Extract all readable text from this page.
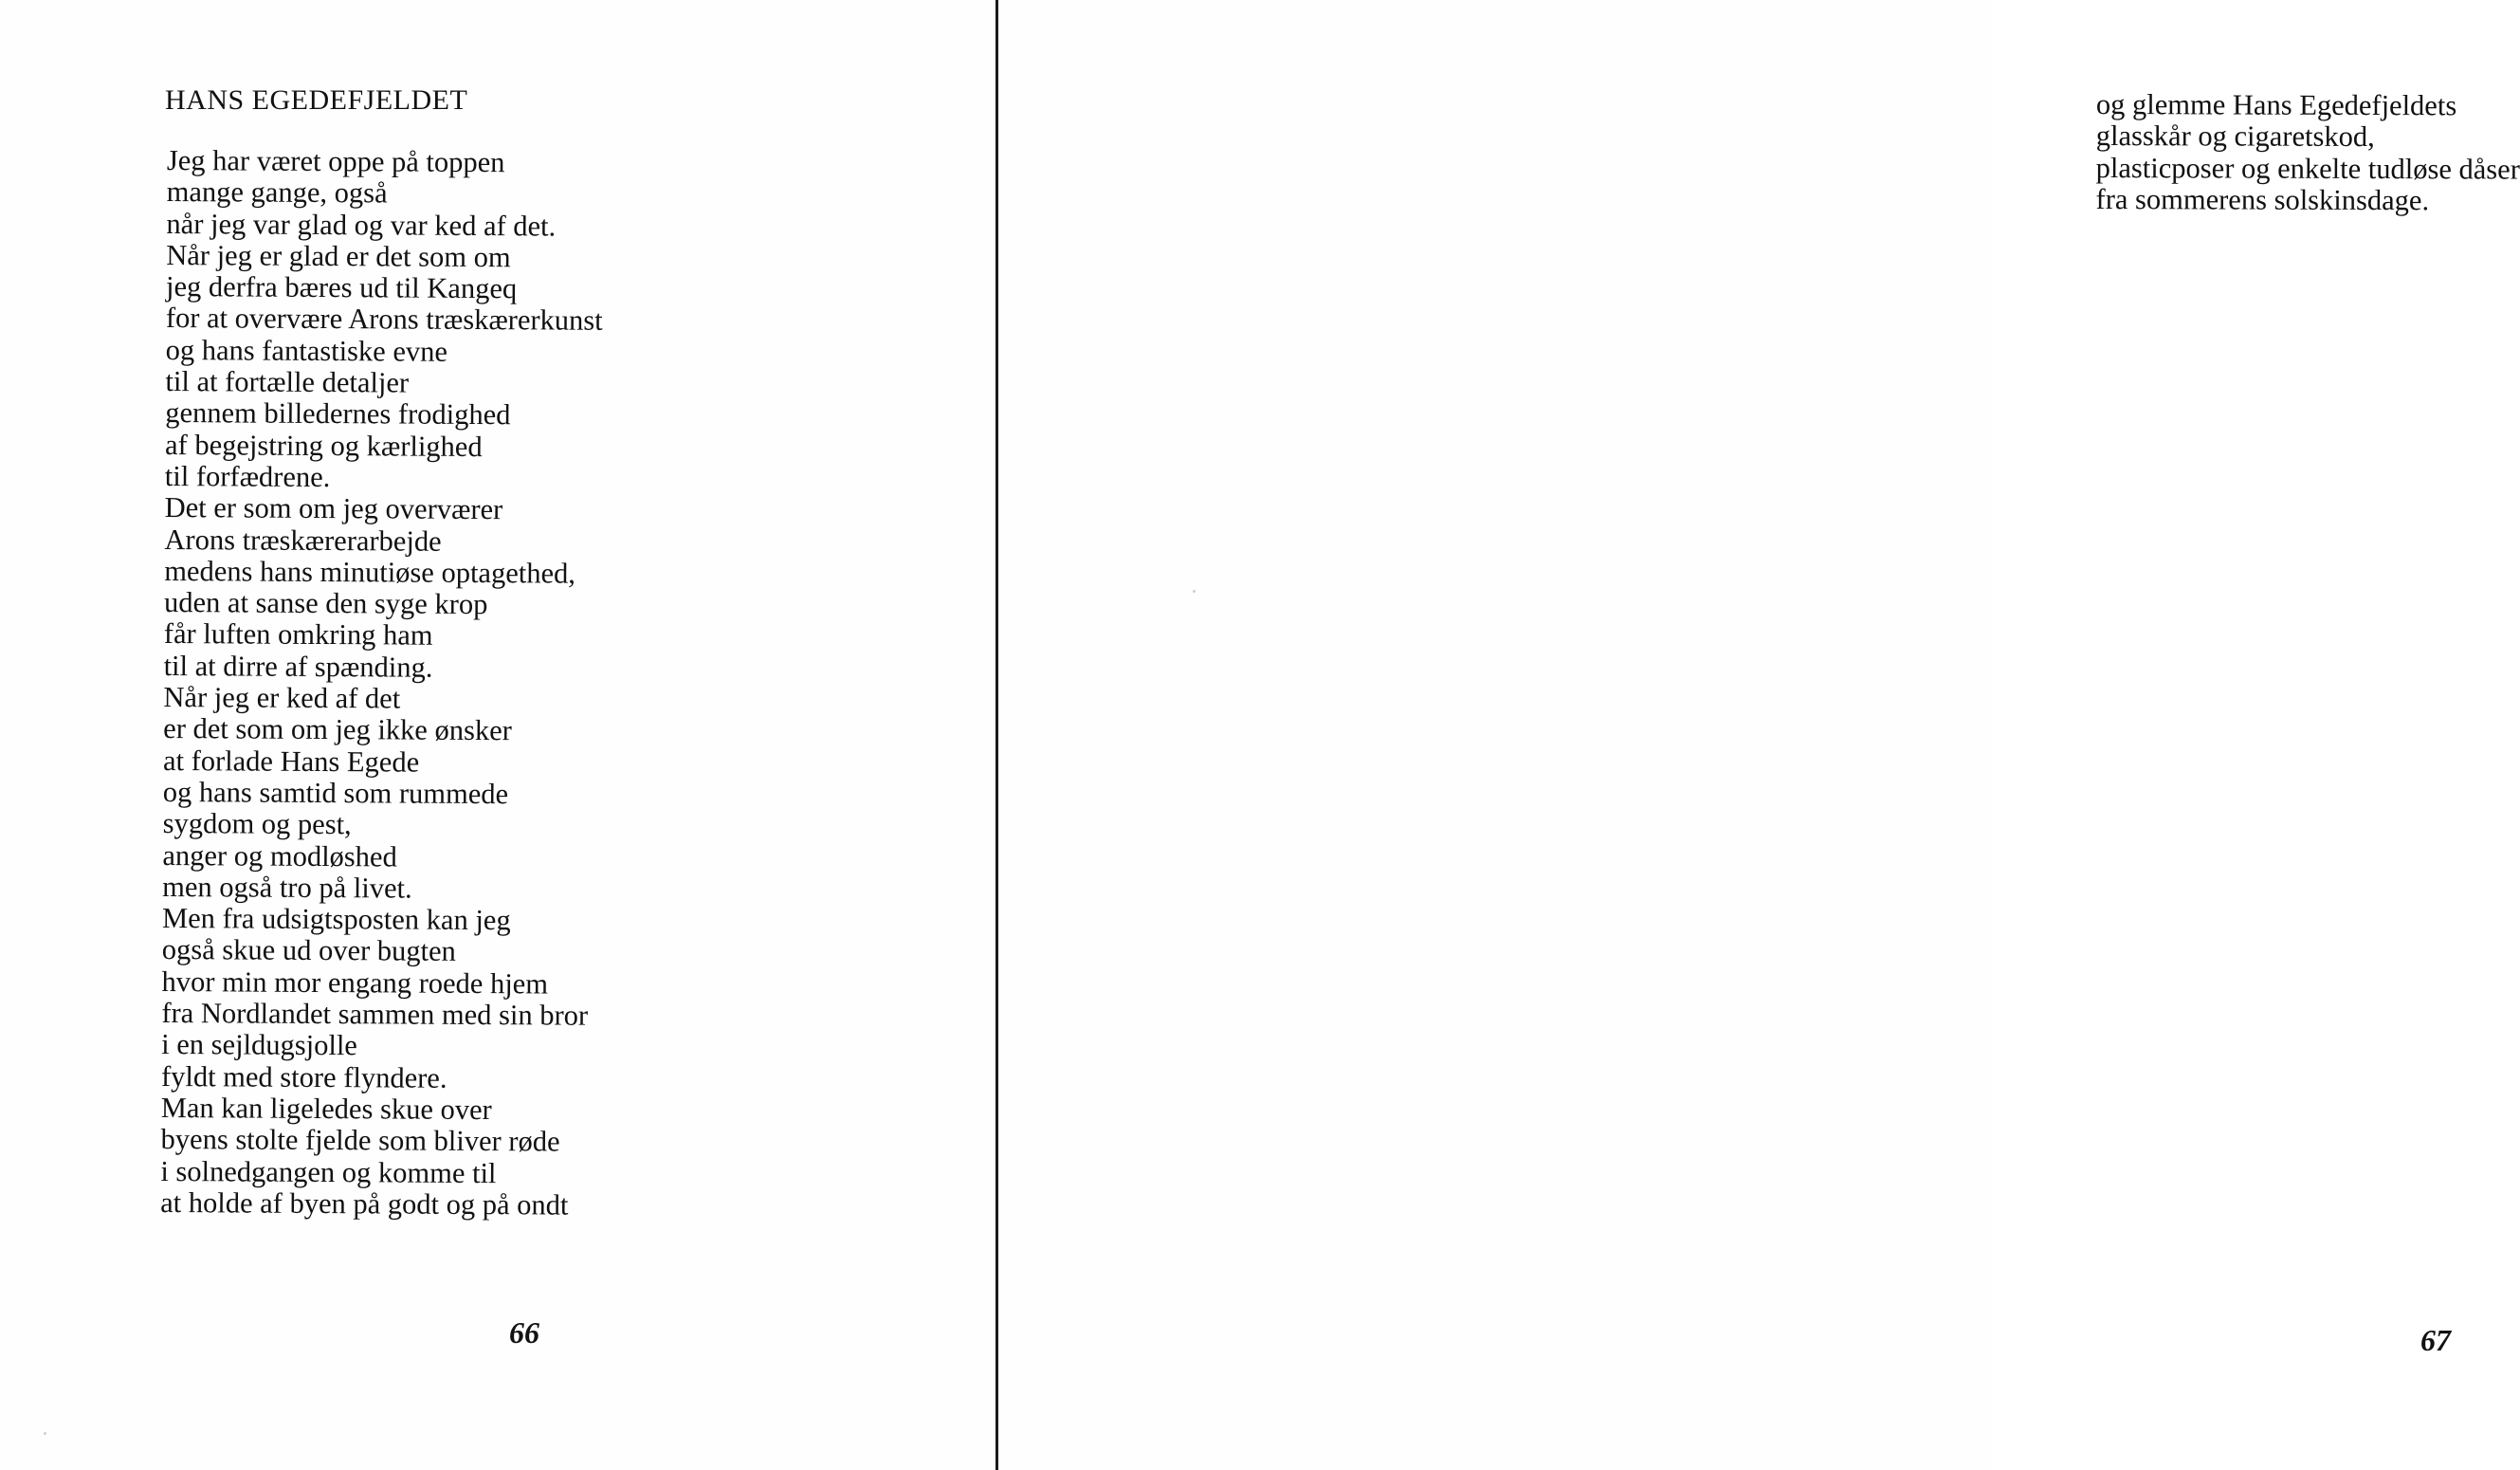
HANS EGEDEFJELDET
Jeg har været oppe på toppen
mange gange, også
når jeg var glad og var ked af det.
Når jeg er glad er det som om
jeg derfra bæres ud til Kangeq
for at overvære Arons træskærerkunst
og hans fantastiske evne
til at fortælle detaljer
gennem billedernes frodighed
af begejstring og kærlighed
til forfædrene.
Det er som om jeg overværer
Arons træskærerarbejde
medens hans minutiøse optagethed,
uden at sanse den syge krop
får luften omkring ham
til at dirre af spænding.
Når jeg er ked af det
er det som om jeg ikke ønsker
at forlade Hans Egede
og hans samtid som rummede
sygdom og pest,
anger og modløshed
men også tro på livet.
Men fra udsigtsposten kan jeg
også skue ud over bugten
hvor min mor engang roede hjem
fra Nordlandet sammen med sin bror
i en sejldugsjolle
fyldt med store flyndere.
Man kan ligeledes skue over
byens stolte fjelde som bliver røde
i solnedgangen og komme til
at holde af byen på godt og på ondt
66
og glemme Hans Egedefjeldets
glasskår og cigaretskod,
plasticposer og enkelte tudløse dåser
fra sommerens solskinsdage.
67
